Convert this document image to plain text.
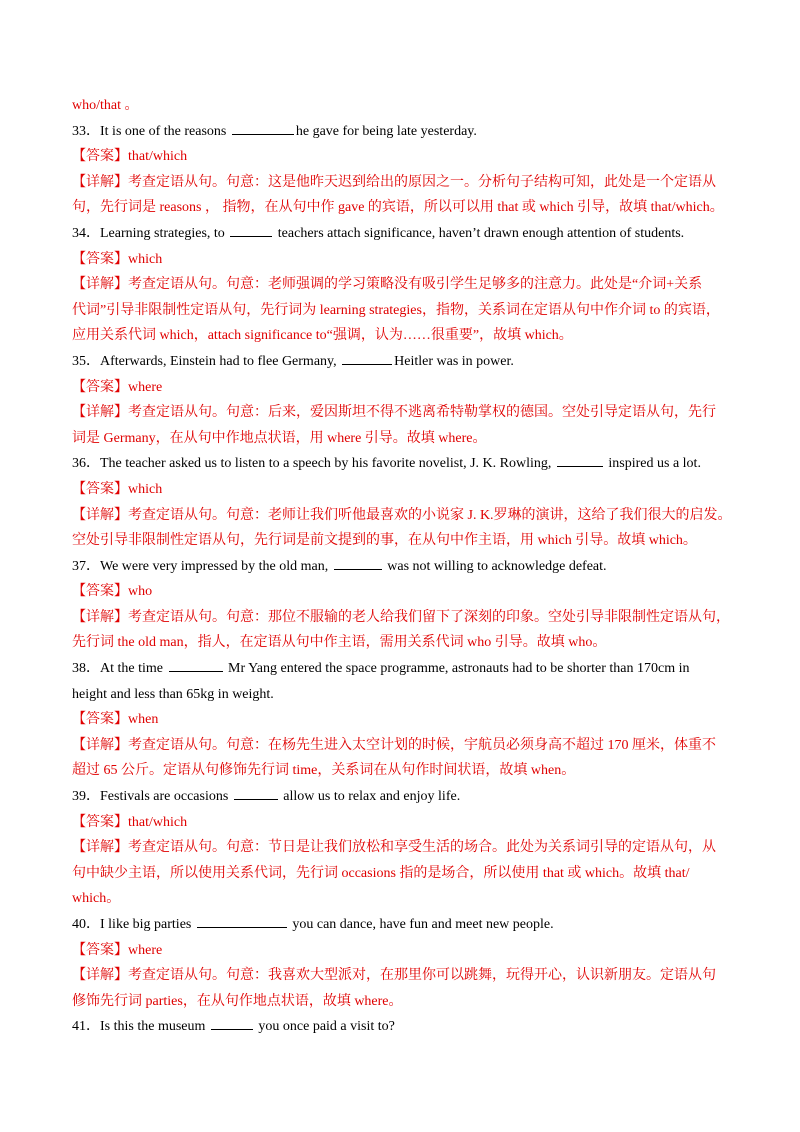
who/that 。
33．It is one of the reasons	he gave for being late yesterday.
【答案】that/which
【详解】考查定语从句。句意：这是他昨天迟到给出的原因之一。分析句子结构可知，此处是一个定语从
句，先行词是 reasons ， 指物，在从句中作 gave 的宾语，所以可以用 that 或 which 引导，故填 that/which。
34．Learning strategies, to	teachers attach significance, haven’t drawn enough attention of students.
【答案】which
【详解】考查定语从句。句意：老师强调的学习策略没有吸引学生足够多的注意力。此处是“介词+关系
代词”引导非限制性定语从句，先行词为 learning strategies，指物，关系词在定语从句中作介词 to 的宾语，
应用关系代词 which，attach significance to“强调，认为……很重要”，故填 which。
35．Afterwards, Einstein had to flee Germany,	Heitler was in power.
【答案】where
【详解】考查定语从句。句意：后来，爱因斯坦不得不逃离希特勒掌权的德国。空处引导定语从句，先行
词是 Germany，在从句中作地点状语，用 where 引导。故填 where。
36．The teacher asked us to listen to a speech by his favorite novelist, J. K. Rowling,	inspired us a lot.
【答案】which
【详解】考查定语从句。句意：老师让我们听他最喜欢的小说家 J. K.罗琳的演讲，这给了我们很大的启发。
空处引导非限制性定语从句，先行词是前文提到的事，在从句中作主语，用 which 引导。故填 which。
37．We were very impressed by the old man,	was not willing to acknowledge defeat.
【答案】who
【详解】考查定语从句。句意：那位不服输的老人给我们留下了深刻的印象。空处引导非限制性定语从句，
先行词 the old man，指人，在定语从句中作主语，需用关系代词 who 引导。故填 who。
38．At the time	Mr Yang entered the space programme, astronauts had to be shorter than 170cm in
height and less than 65kg in weight.
【答案】when
【详解】考查定语从句。句意：在杨先生进入太空计划的时候，宇航员必须身高不超过 170 厘米，体重不
超过 65 公斤。定语从句修饰先行词 time，关系词在从句作时间状语，故填 when。
39．Festivals are occasions	allow us to relax and enjoy life.
【答案】that/which
【详解】考查定语从句。句意：节日是让我们放松和享受生活的场合。此处为关系词引导的定语从句，从
句中缺少主语，所以使用关系代词，先行词 occasions 指的是场合，所以使用 that 或 which。故填 that/
which。
40．I like big parties	you can dance, have fun and meet new people.
【答案】where
【详解】考查定语从句。句意：我喜欢大型派对，在那里你可以跳舞，玩得开心，认识新朋友。定语从句
修饰先行词 parties，在从句作地点状语，故填 where。
41．Is this the museum	you once paid a visit to?
